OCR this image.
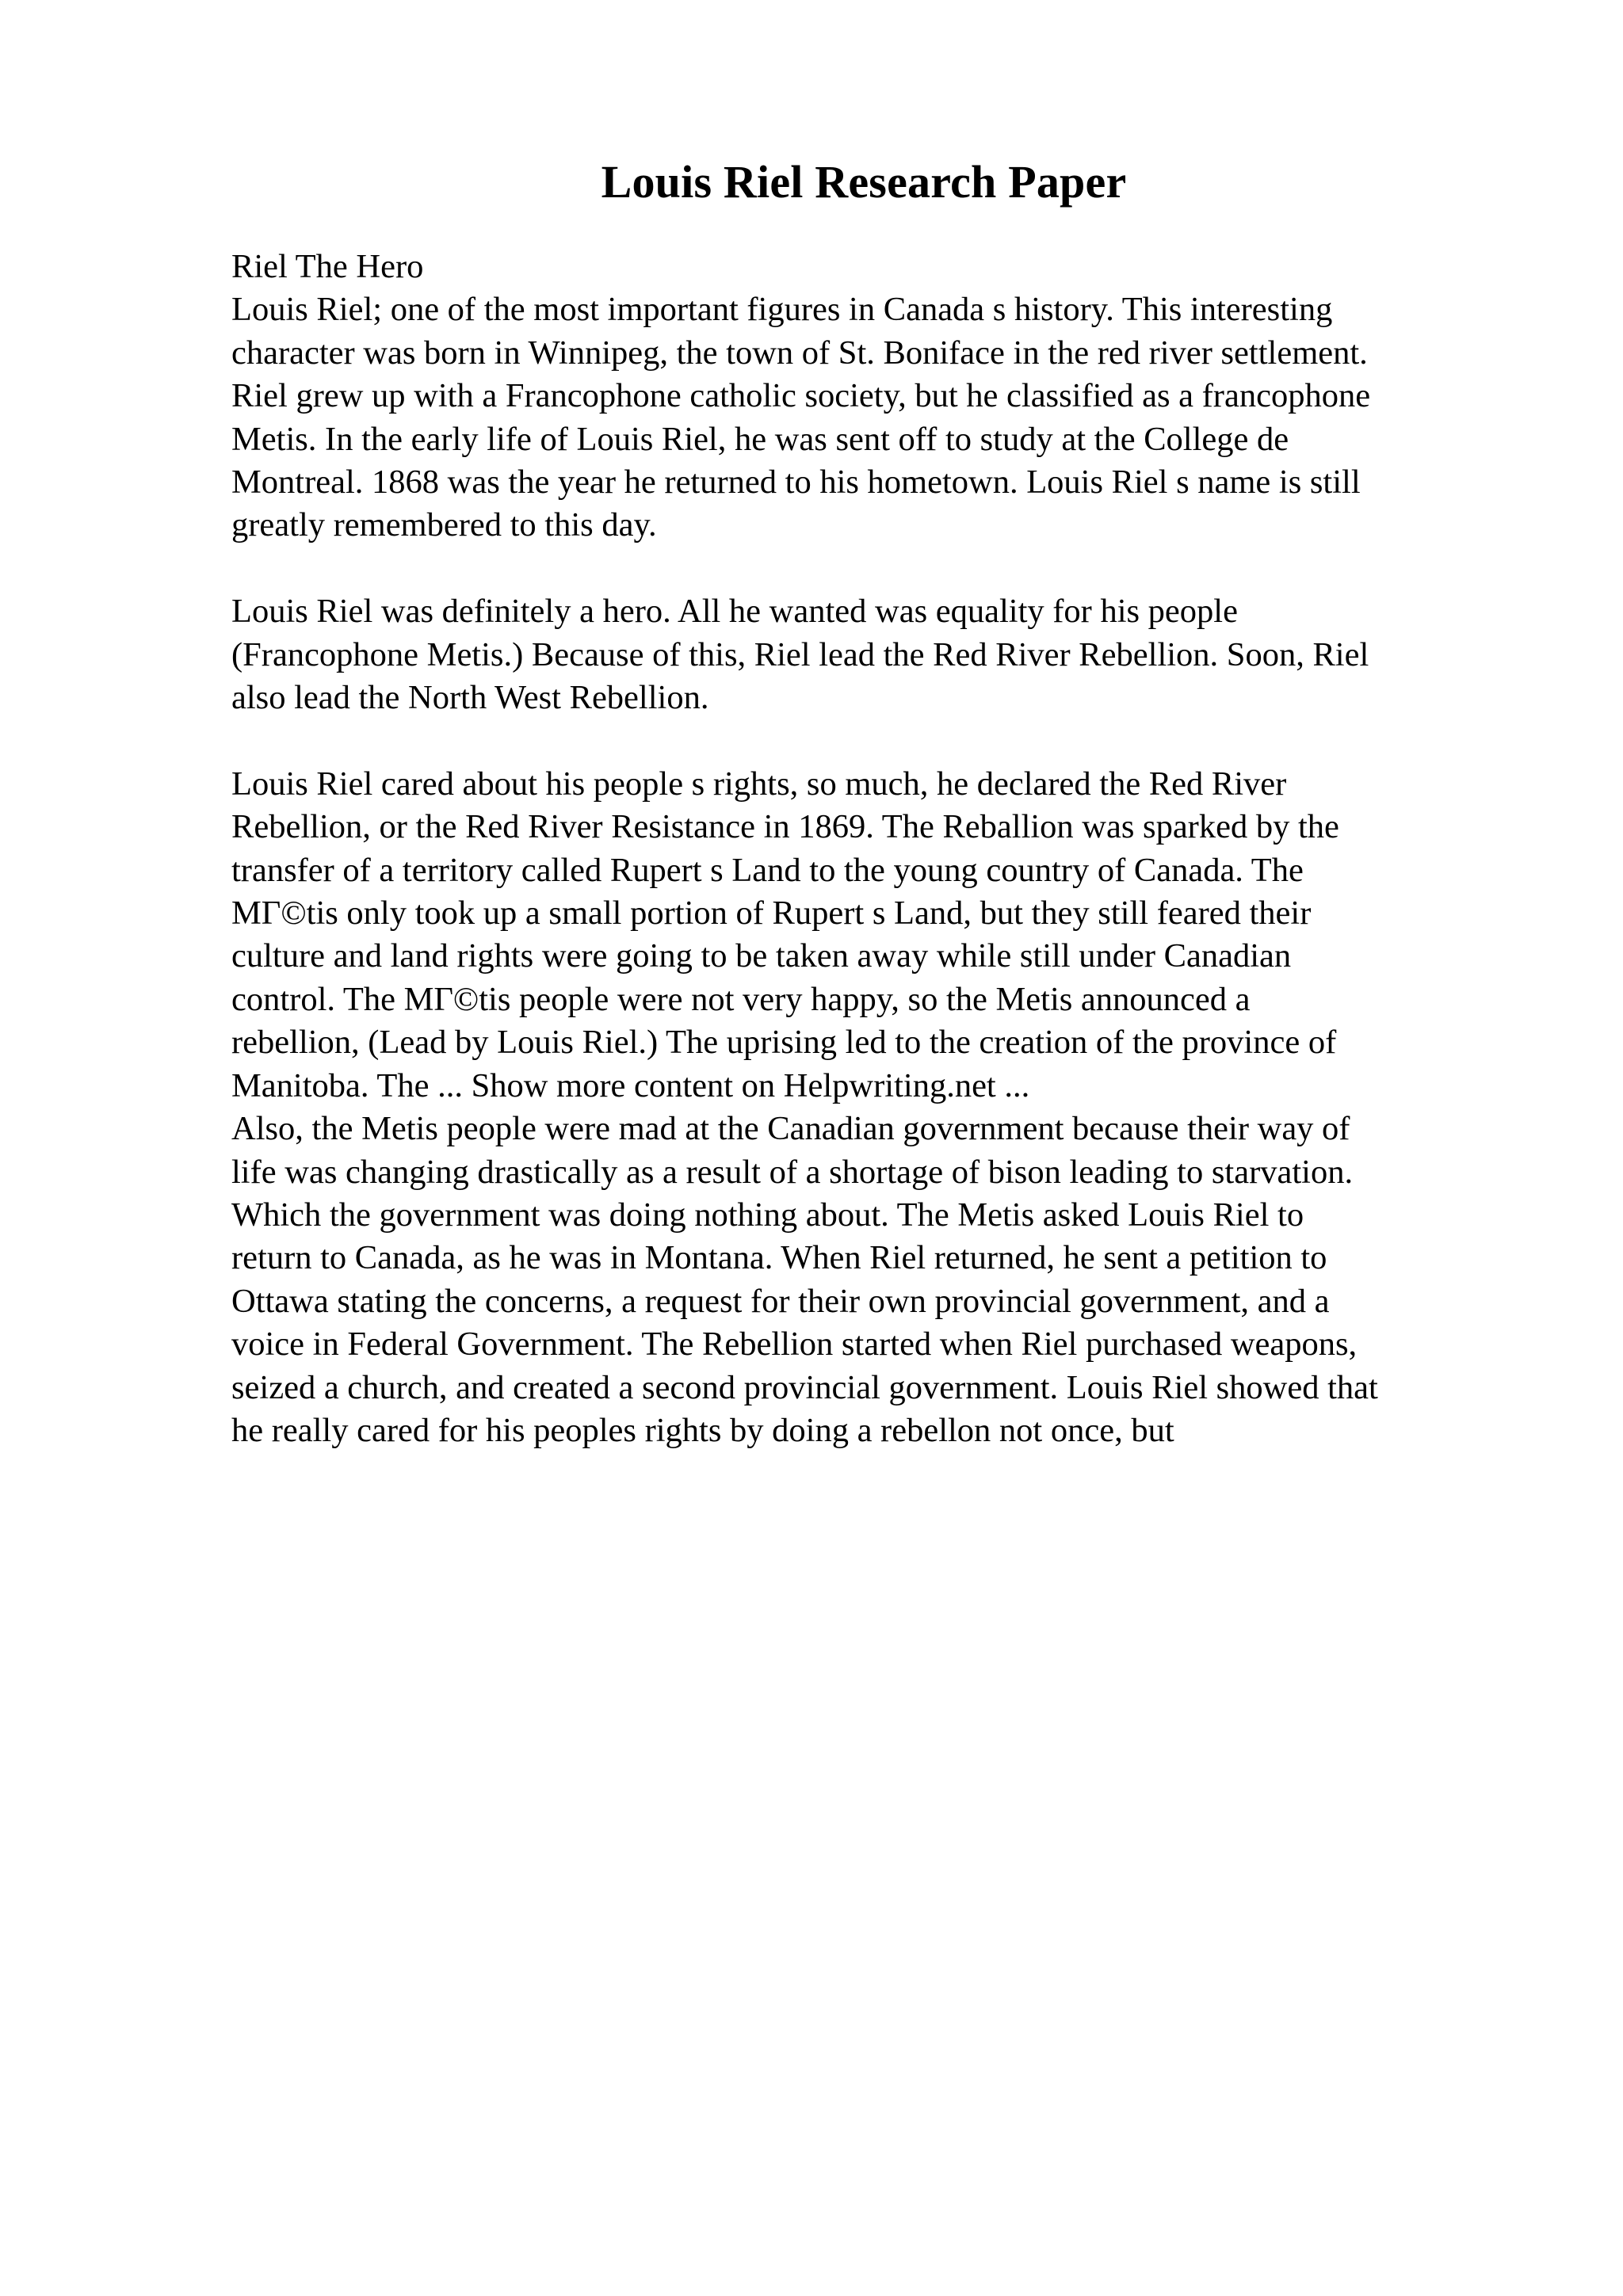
Louis Riel Research Paper

Riel The Hero
Louis Riel; one of the most important figures in Canada s history. This interesting
character was born in Winnipeg, the town of St. Boniface in the red river settlement.
Riel grew up with a Francophone catholic society, but he classified as a francophone
Metis. In the early life of Louis Riel, he was sent off to study at the College de
Montreal. 1868 was the year he returned to his hometown. Louis Riel s name is still
greatly remembered to this day.

Louis Riel was definitely a hero. All he wanted was equality for his people
(Francophone Metis.) Because of this, Riel lead the Red River Rebellion. Soon, Riel
also lead the North West Rebellion.

Louis Riel cared about his people s rights, so much, he declared the Red River
Rebellion, or the Red River Resistance in 1869. The Reballion was sparked by the
transfer of a territory called Rupert s Land to the young country of Canada. The
MГ©tis only took up a small portion of Rupert s Land, but they still feared their
culture and land rights were going to be taken away while still under Canadian
control. The MГ©tis people were not very happy, so the Metis announced a
rebellion, (Lead by Louis Riel.) The uprising led to the creation of the province of
Manitoba. The ... Show more content on Helpwriting.net ...
Also, the Metis people were mad at the Canadian government because their way of
life was changing drastically as a result of a shortage of bison leading to starvation.
Which the government was doing nothing about. The Metis asked Louis Riel to
return to Canada, as he was in Montana. When Riel returned, he sent a petition to
Ottawa stating the concerns, a request for their own provincial government, and a
voice in Federal Government. The Rebellion started when Riel purchased weapons,
seized a church, and created a second provincial government. Louis Riel showed that
he really cared for his peoples rights by doing a rebellon not once, but
